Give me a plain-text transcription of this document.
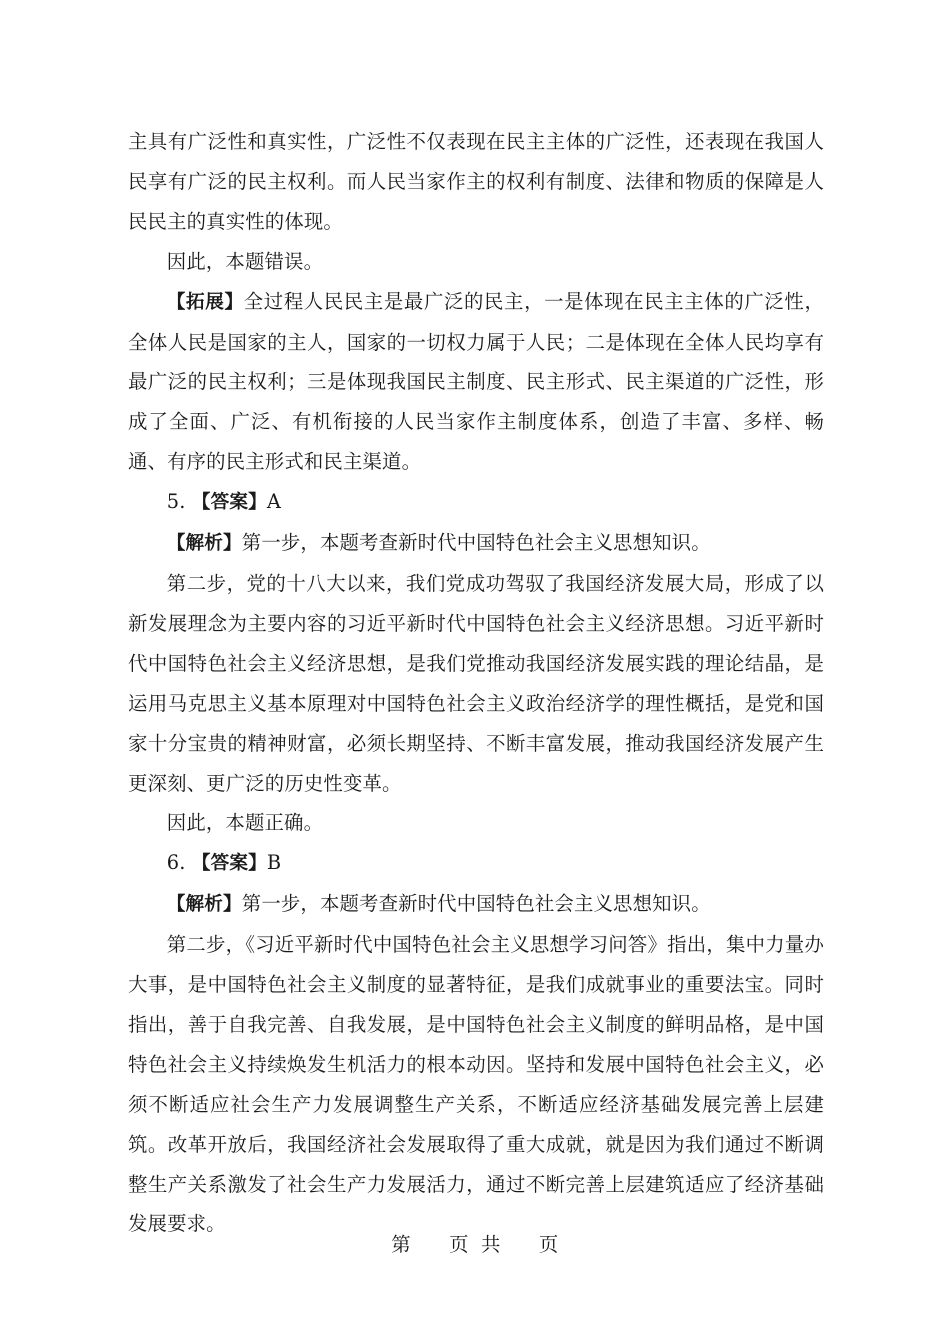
主具有广泛性和真实性，广泛性不仅表现在民主主体的广泛性，还表现在我国人民享有广泛的民主权利。而人民当家作主的权利有制度、法律和物质的保障是人民民主的真实性的体现。

因此，本题错误。

【拓展】全过程人民民主是最广泛的民主，一是体现在民主主体的广泛性，全体人民是国家的主人，国家的一切权力属于人民；二是体现在全体人民均享有最广泛的民主权利；三是体现我国民主制度、民主形式、民主渠道的广泛性，形成了全面、广泛、有机衔接的人民当家作主制度体系，创造了丰富、多样、畅通、有序的民主形式和民主渠道。

5. 【答案】A

【解析】第一步，本题考查新时代中国特色社会主义思想知识。

第二步，党的十八大以来，我们党成功驾驭了我国经济发展大局，形成了以新发展理念为主要内容的习近平新时代中国特色社会主义经济思想。习近平新时代中国特色社会主义经济思想，是我们党推动我国经济发展实践的理论结晶，是运用马克思主义基本原理对中国特色社会主义政治经济学的理性概括，是党和国家十分宝贵的精神财富，必须长期坚持、不断丰富发展，推动我国经济发展产生更深刻、更广泛的历史性变革。

因此，本题正确。

6. 【答案】B

【解析】第一步，本题考查新时代中国特色社会主义思想知识。

第二步，《习近平新时代中国特色社会主义思想学习问答》指出，集中力量办大事，是中国特色社会主义制度的显著特征，是我们成就事业的重要法宝。同时指出，善于自我完善、自我发展，是中国特色社会主义制度的鲜明品格，是中国特色社会主义持续焕发生机活力的根本动因。坚持和发展中国特色社会主义，必须不断适应社会生产力发展调整生产关系，不断适应经济基础发展完善上层建筑。改革开放后，我国经济社会发展取得了重大成就，就是因为我们通过不断调整生产关系激发了社会生产力发展活力，通过不断完善上层建筑适应了经济基础发展要求。

第 页 共 页
